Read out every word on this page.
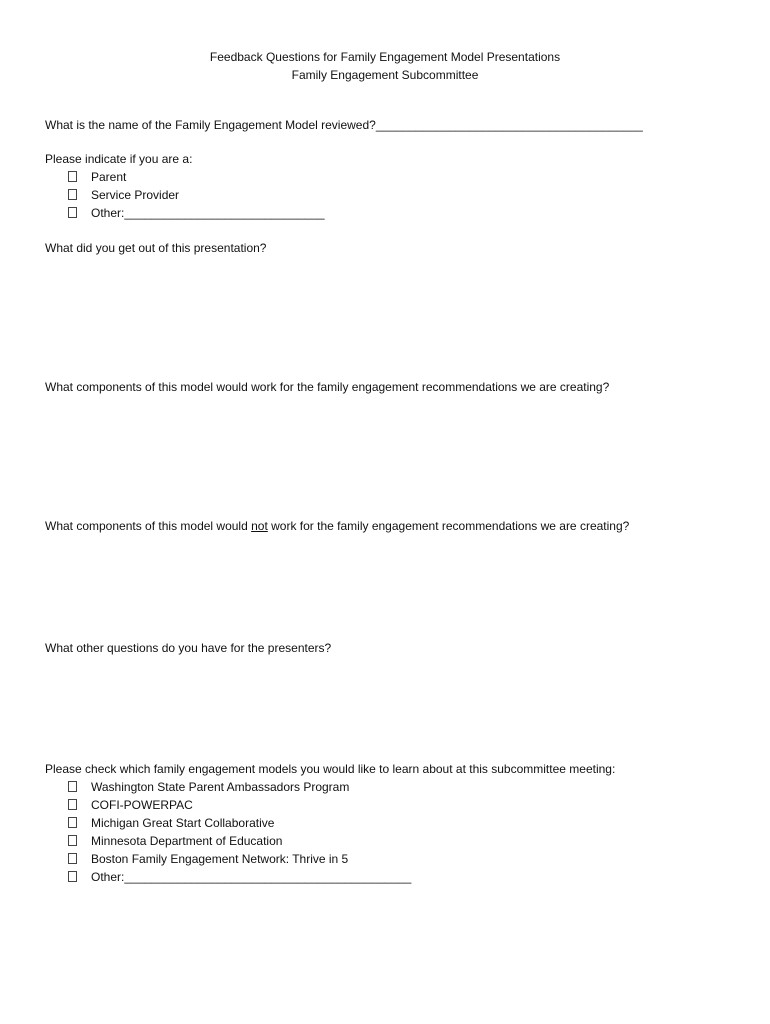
Feedback Questions for Family Engagement Model Presentations
Family Engagement Subcommittee
What is the name of the Family Engagement Model reviewed?________________________________________
Please indicate if you are a:
Parent
Service Provider
Other:______________________________
What did you get out of this presentation?
What components of this model would work for the family engagement recommendations we are creating?
What components of this model would not work for the family engagement recommendations we are creating?
What other questions do you have for the presenters?
Please check which family engagement models you would like to learn about at this subcommittee meeting:
Washington State Parent Ambassadors Program
COFI-POWERPAC
Michigan Great Start Collaborative
Minnesota Department of Education
Boston Family Engagement Network: Thrive in 5
Other:___________________________________________
